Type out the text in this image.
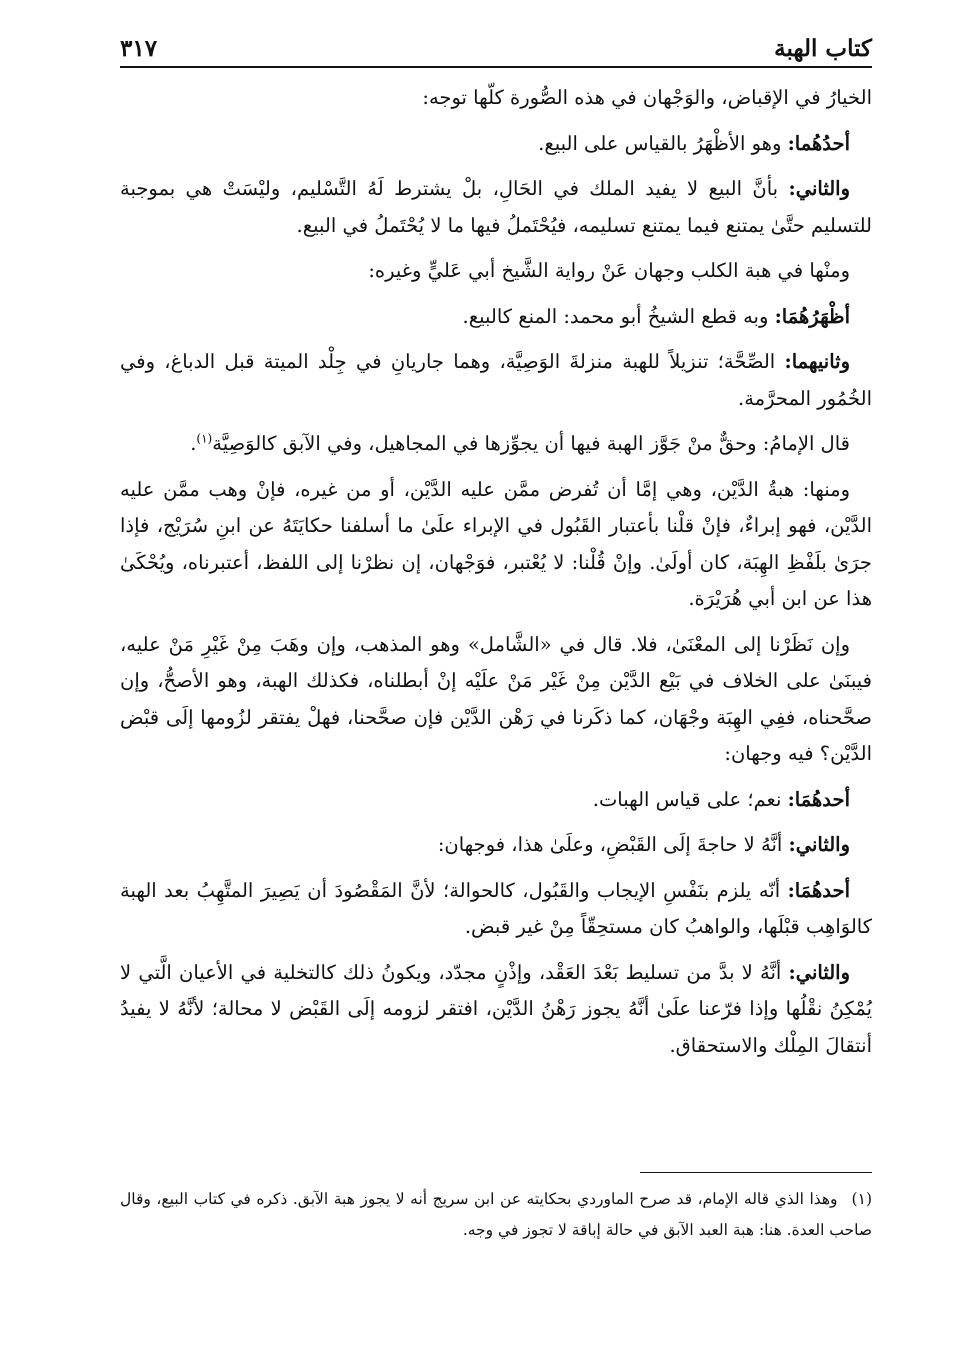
كتاب الهبة
٣١٧

الخيارُ في الإقباض، والوَجْهان في هذه الصُّورة كلّها توجه:

أحدُهُما: وهو الأظْهَرُ بالقياس على البيع.

والثاني: بأنَّ البيع لا يفيد الملك في الحَالِ، بلْ يشترط لَهُ التَّسْليم، وليْسَتْ هي بموجبة للتسليم حتَّىٰ يمتنع فيما يمتنع تسليمه، فيُحْتَملُ فيها ما لا يُحْتَملُ في البيع.

ومنْها في هبة الكلب وجهان عَنْ رواية الشَّيخ أبي عَليٍّ وغيره:

أظْهَرُهُمَا: وبه قطع الشيخُ أبو محمد: المنع كالبيع.

وثانيهما: الصِّحَّة؛ تنزيلاً للهبة منزلةَ الوَصِيَّة، وهما جاريانِ في جِلْد الميتة قبل الدباغ، وفي الخُمُور المحرَّمة.

قال الإمامُ: وحقٌّ منْ جَوَّز الهبة فيها أن يجوِّزها في المجاهيل، وفي الآبق كالوَصِيَّة$^{(١)}$.

ومنها: هبةُ الدَّيْن، وهي إمَّا أن تُفرض ممَّن عليه الدَّيْن، أو من غيره، فإنْ وهب ممَّن عليه الدَّيْن، فهو إبراءٌ، فإنْ قلْنا بأعتبار القَبُول في الإبراء علَىٰ ما أسلفنا حكايَتَهُ عن ابنِ سُرَيْج، فإذا جرَىٰ بلَفْظِ الهِبَة، كان أولَىٰ. وإنْ قُلْنا: لا يُعْتبر، فوَجْهان، إن نظرْنا إلى اللفظ، أعتبرناه، ويُحْكَىٰ هذا عن ابن أبي هُرَيْرَة.

وإن نَظَرْنا إلى المعْنَىٰ، فلا. قال في «الشَّامل» وهو المذهب، وإن وهَبَ مِنْ غَيْرِ مَنْ عليه، فيبنَىٰ على الخلاف في بَيْع الدَّيْن مِنْ غَيْر مَنْ علَيْه إنْ أبطلناه، فكذلك الهبة، وهو الأصحُّ، وإن صحَّحناه، ففِي الهِبَة وجْهَان، كما ذكَرنا في رَهْن الدَّيْن فإن صحَّحنا، فهلْ يفتقر لزُومها إلَى قبْض الدَّيْن؟ فيه وجهان:

أحدهُمَا: نعم؛ على قياس الهبات.

والثاني: أنَّهُ لا حاجةَ إلَى القَبْضِ، وعلَىٰ هذا، فوجهان:

أحدهُمَا: أنّه يلزم بنَفْسِ الإيجاب والقَبُول، كالحوالة؛ لأنَّ المَقْصُودَ أن يَصِيرَ المتَّهِبُ بعد الهبة كالوَاهِب قبْلَها، والواهبُ كان مستحِقّاً مِنْ غير قبض.

والثاني: أنَّهُ لا بدَّ من تسليط بَعْدَ العَقْد، وإذْنٍ مجدّد، ويكونُ ذلك كالتخلية في الأعيان الَّتي لا يُمْكِنُ نقْلُها وإذا فرّعنا علَىٰ أنَّهُ يجوز رَهْنُ الدَّيْن، افتقر لزومه إلَى القَبْض لا محالة؛ لأنَّهُ لا يفيدُ أنتقالَ المِلْك والاستحقاق.

(١)وهذا الذي قاله الإمام، قد صرح الماوردي بحكايته عن ابن سريج أنه لا يجوز هبة الآبق. ذكره في كتاب البيع، وقال صاحب العدة. هنا: هبة العبد الآبق في حالة إباقة لا تجوز في وجه.
